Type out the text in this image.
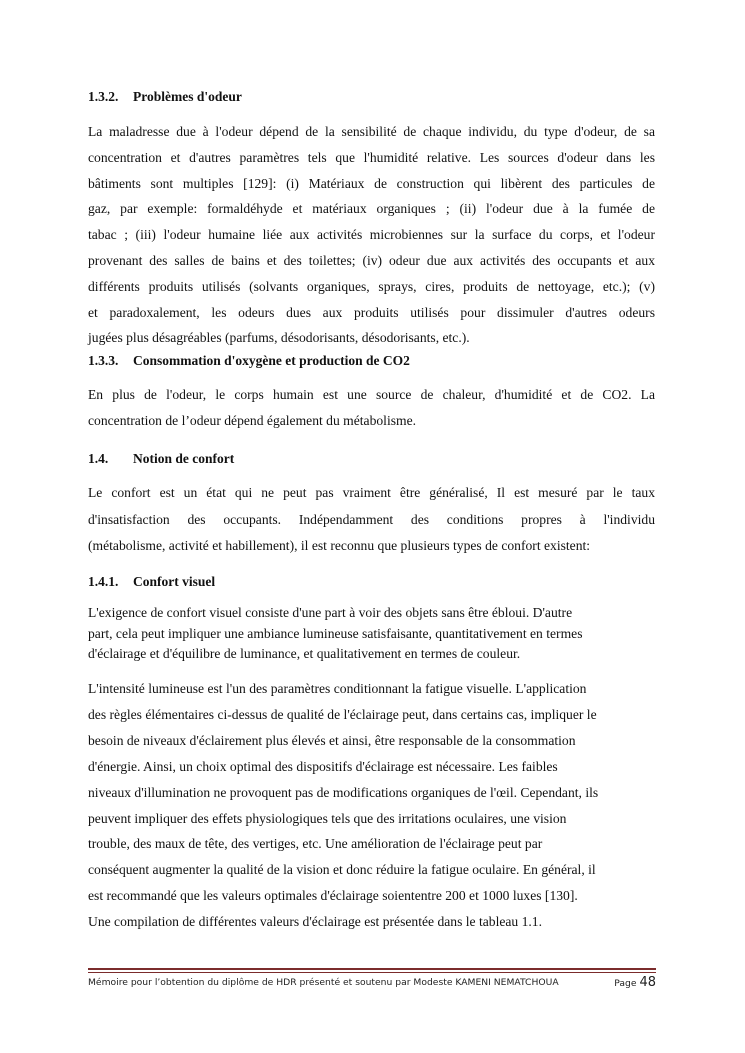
1.3.2. Problèmes d'odeur
La maladresse due à l'odeur dépend de la sensibilité de chaque individu, du type d'odeur, de sa
concentration et d'autres paramètres tels que l'humidité relative. Les sources d'odeur dans les
bâtiments sont multiples [129]: (i) Matériaux de construction qui libèrent des particules de
gaz, par exemple: formaldéhyde et matériaux organiques ; (ii) l'odeur due à la fumée de
tabac ; (iii) l'odeur humaine liée aux activités microbiennes sur la surface du corps, et l'odeur
provenant des salles de bains et des toilettes; (iv) odeur due aux activités des occupants et aux
différents produits utilisés (solvants organiques, sprays, cires, produits de nettoyage, etc.); (v)
et paradoxalement, les odeurs dues aux produits utilisés pour dissimuler d'autres odeurs
jugées plus désagréables (parfums, désodorisants, désodorisants, etc.).
1.3.3. Consommation d'oxygène et production de CO2
En plus de l'odeur, le corps humain est une source de chaleur, d'humidité et de CO2. La
concentration de l’odeur dépend également du métabolisme.
1.4. Notion de confort
Le confort est un état qui ne peut pas vraiment être généralisé, Il est mesuré par le taux
d'insatisfaction des occupants. Indépendamment des conditions propres à l'individu
(métabolisme, activité et habillement), il est reconnu que plusieurs types de confort existent:
1.4.1. Confort visuel
L'exigence de confort visuel consiste d'une part à voir des objets sans être ébloui. D'autre
part, cela peut impliquer une ambiance lumineuse satisfaisante, quantitativement en termes
d'éclairage et d'équilibre de luminance, et qualitativement en termes de couleur.
L'intensité lumineuse est l'un des paramètres conditionnant la fatigue visuelle. L'application
des règles élémentaires ci-dessus de qualité de l'éclairage peut, dans certains cas, impliquer le
besoin de niveaux d'éclairement plus élevés et ainsi, être responsable de la consommation
d'énergie. Ainsi, un choix optimal des dispositifs d'éclairage est nécessaire. Les faibles
niveaux d'illumination ne provoquent pas de modifications organiques de l'œil. Cependant, ils
peuvent impliquer des effets physiologiques tels que des irritations oculaires, une vision
trouble, des maux de tête, des vertiges, etc. Une amélioration de l'éclairage peut par
conséquent augmenter la qualité de la vision et donc réduire la fatigue oculaire. En général, il
est recommandé que les valeurs optimales d'éclairage soiententre 200 et 1000 luxes [130].
Une compilation de différentes valeurs d'éclairage est présentée dans le tableau 1.1.
Mémoire pour l’obtention du diplôme de HDR présenté et soutenu par Modeste KAMENI NEMATCHOUA	Page 48
